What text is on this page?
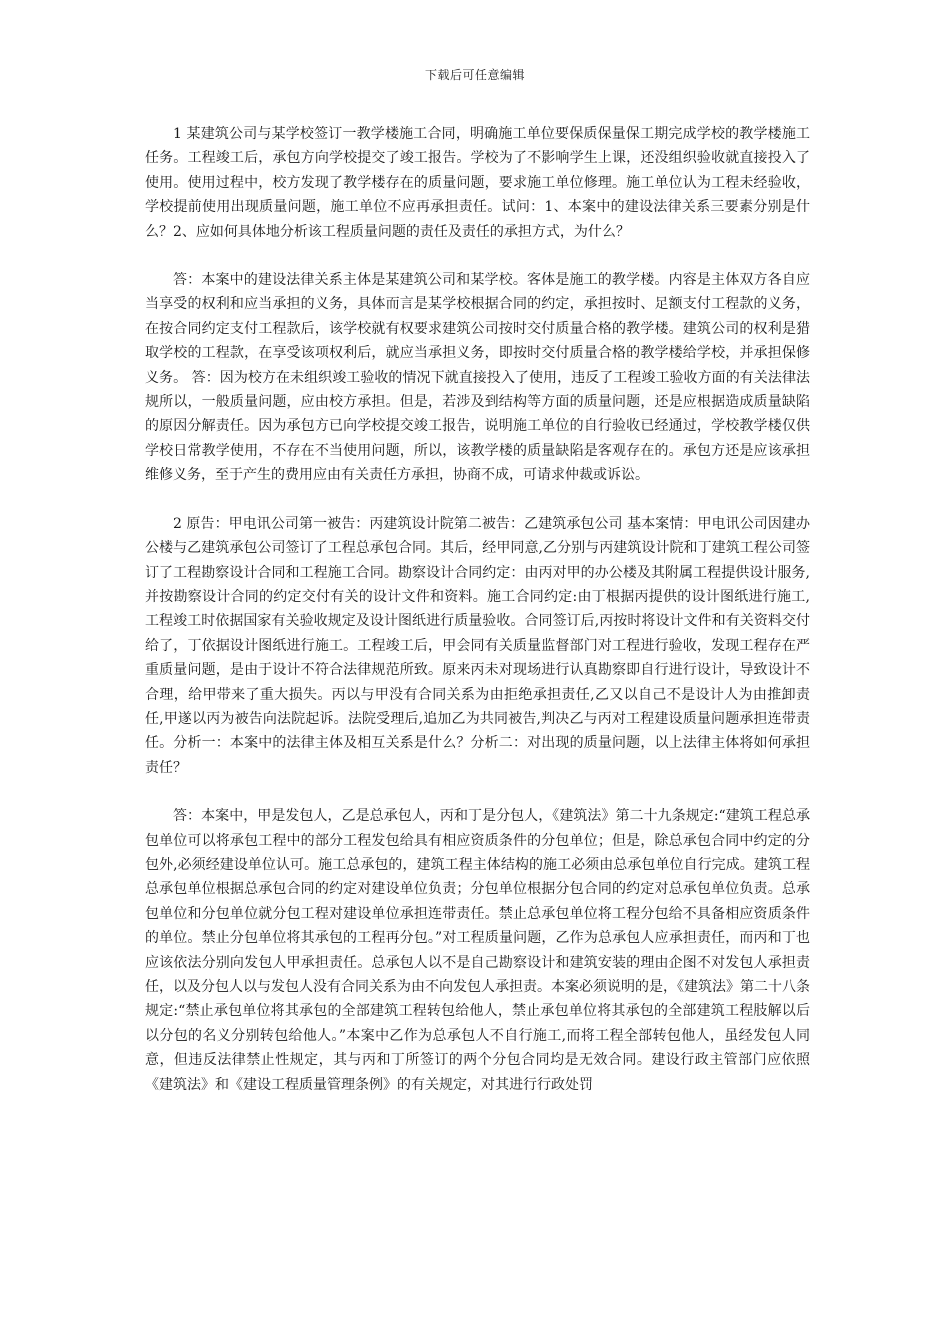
下载后可任意编辑

1 某建筑公司与某学校签订一教学楼施工合同，明确施工单位要保质保量保工期完成学校的教学楼施工任务。工程竣工后，承包方向学校提交了竣工报告。学校为了不影响学生上课，还没组织验收就直接投入了使用。使用过程中，校方发现了教学楼存在的质量问题，要求施工单位修理。施工单位认为工程未经验收，学校提前使用出现质量问题，施工单位不应再承担责任。试问：1、本案中的建设法律关系三要素分别是什么？2、应如何具体地分析该工程质量问题的责任及责任的承担方式，为什么？

答：本案中的建设法律关系主体是某建筑公司和某学校。客体是施工的教学楼。内容是主体双方各自应当享受的权利和应当承担的义务，具体而言是某学校根据合同的约定，承担按时、足额支付工程款的义务，在按合同约定支付工程款后，该学校就有权要求建筑公司按时交付质量合格的教学楼。建筑公司的权利是猎取学校的工程款，在享受该项权利后，就应当承担义务，即按时交付质量合格的教学楼给学校，并承担保修义务。 答：因为校方在未组织竣工验收的情况下就直接投入了使用，违反了工程竣工验收方面的有关法律法规所以，一般质量问题，应由校方承担。但是，若涉及到结构等方面的质量问题，还是应根据造成质量缺陷的原因分解责任。因为承包方已向学校提交竣工报告，说明施工单位的自行验收已经通过，学校教学楼仅供学校日常教学使用，不存在不当使用问题，所以，该教学楼的质量缺陷是客观存在的。承包方还是应该承担维修义务，至于产生的费用应由有关责任方承担，协商不成，可请求仲裁或诉讼。

2 原告：甲电讯公司第一被告：丙建筑设计院第二被告：乙建筑承包公司 基本案情：甲电讯公司因建办公楼与乙建筑承包公司签订了工程总承包合同。其后，经甲同意,乙分别与丙建筑设计院和丁建筑工程公司签订了工程勘察设计合同和工程施工合同。勘察设计合同约定：由丙对甲的办公楼及其附属工程提供设计服务,并按勘察设计合同的约定交付有关的设计文件和资料。施工合同约定:由丁根据丙提供的设计图纸进行施工,工程竣工时依据国家有关验收规定及设计图纸进行质量验收。合同签订后,丙按时将设计文件和有关资料交付给了，丁依据设计图纸进行施工。工程竣工后，甲会同有关质量监督部门对工程进行验收，发现工程存在严重质量问题，是由于设计不符合法律规范所致。原来丙未对现场进行认真勘察即自行进行设计，导致设计不合理，给甲带来了重大损失。丙以与甲没有合同关系为由拒绝承担责任,乙又以自己不是设计人为由推卸责任,甲遂以丙为被告向法院起诉。法院受理后,追加乙为共同被告,判决乙与丙对工程建设质量问题承担连带责任。分析一：本案中的法律主体及相互关系是什么？分析二：对出现的质量问题，以上法律主体将如何承担责任？

答：本案中，甲是发包人，乙是总承包人，丙和丁是分包人，《建筑法》第二十九条规定:“建筑工程总承包单位可以将承包工程中的部分工程发包给具有相应资质条件的分包单位；但是，除总承包合同中约定的分包外,必须经建设单位认可。施工总承包的，建筑工程主体结构的施工必须由总承包单位自行完成。建筑工程总承包单位根据总承包合同的约定对建设单位负责；分包单位根据分包合同的约定对总承包单位负责。总承包单位和分包单位就分包工程对建设单位承担连带责任。禁止总承包单位将工程分包给不具备相应资质条件的单位。禁止分包单位将其承包的工程再分包。”对工程质量问题，乙作为总承包人应承担责任，而丙和丁也应该依法分别向发包人甲承担责任。总承包人以不是自己勘察设计和建筑安装的理由企图不对发包人承担责任，以及分包人以与发包人没有合同关系为由不向发包人承担责。本案必须说明的是，《建筑法》第二十八条规定:“禁止承包单位将其承包的全部建筑工程转包给他人，禁止承包单位将其承包的全部建筑工程肢解以后以分包的名义分别转包给他人。”本案中乙作为总承包人不自行施工,而将工程全部转包他人，虽经发包人同意，但违反法律禁止性规定，其与丙和丁所签订的两个分包合同均是无效合同。建设行政主管部门应依照《建筑法》和《建设工程质量管理条例》的有关规定，对其进行行政处罚
